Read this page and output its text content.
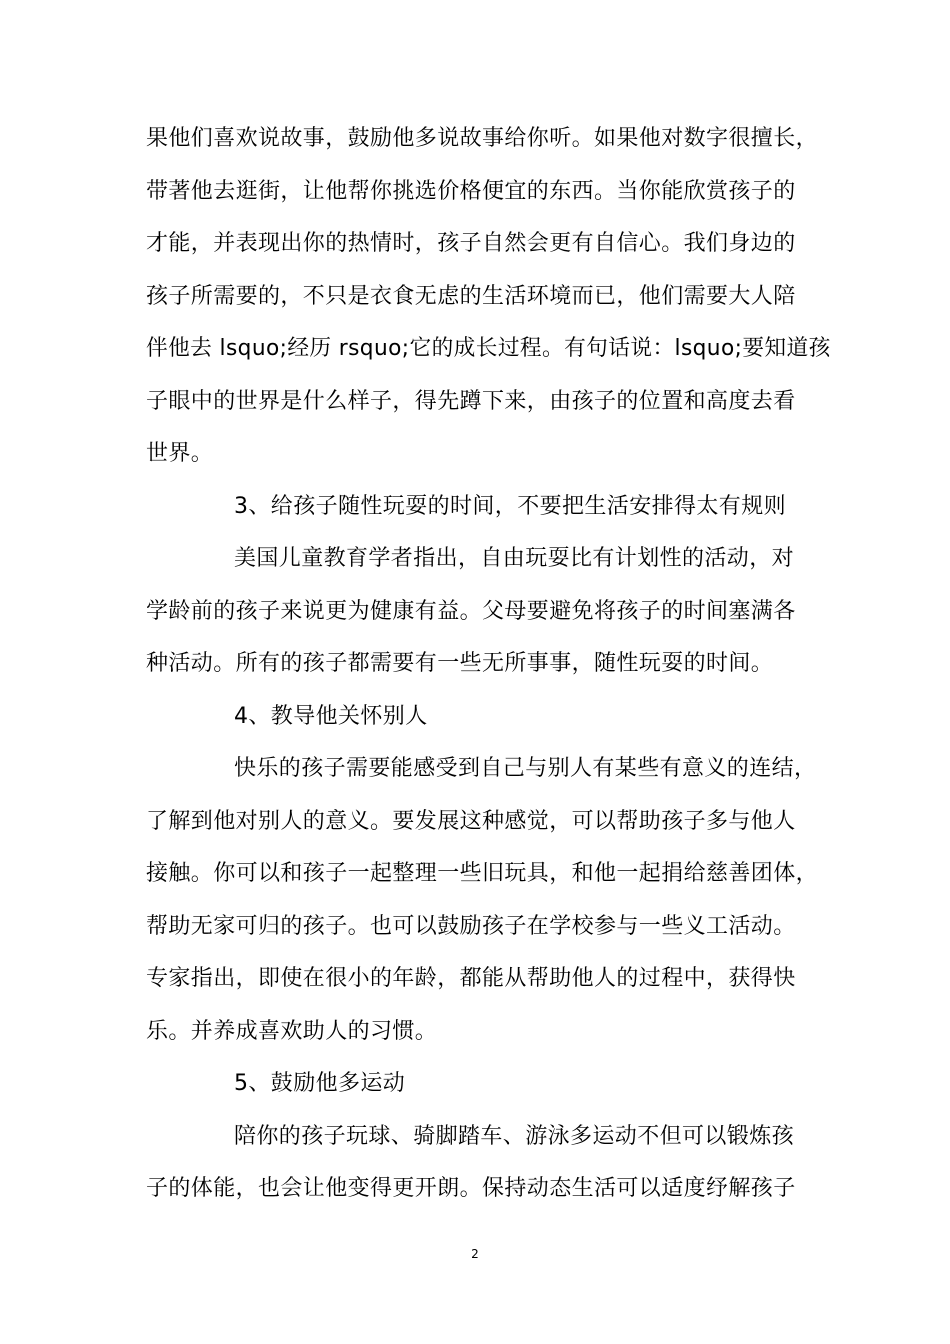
果他们喜欢说故事，鼓励他多说故事给你听。如果他对数字很擅长，
带著他去逛街，让他帮你挑选价格便宜的东西。当你能欣赏孩子的
才能，并表现出你的热情时，孩子自然会更有自信心。我们身边的
孩子所需要的，不只是衣食无虑的生活环境而已，他们需要大人陪
伴他去 lsquo;经历 rsquo;它的成长过程。有句话说：lsquo;要知道孩
子眼中的世界是什么样子，得先蹲下来，由孩子的位置和高度去看
世界。
3、给孩子随性玩耍的时间，不要把生活安排得太有规则
美国儿童教育学者指出，自由玩耍比有计划性的活动，对
学龄前的孩子来说更为健康有益。父母要避免将孩子的时间塞满各
种活动。所有的孩子都需要有一些无所事事，随性玩耍的时间。
4、教导他关怀别人
快乐的孩子需要能感受到自己与别人有某些有意义的连结，
了解到他对别人的意义。要发展这种感觉，可以帮助孩子多与他人
接触。你可以和孩子一起整理一些旧玩具，和他一起捐给慈善团体，
帮助无家可归的孩子。也可以鼓励孩子在学校参与一些义工活动。
专家指出，即使在很小的年龄，都能从帮助他人的过程中，获得快
乐。并养成喜欢助人的习惯。
5、鼓励他多运动
陪你的孩子玩球、骑脚踏车、游泳多运动不但可以锻炼孩
子的体能，也会让他变得更开朗。保持动态生活可以适度纾解孩子
2
